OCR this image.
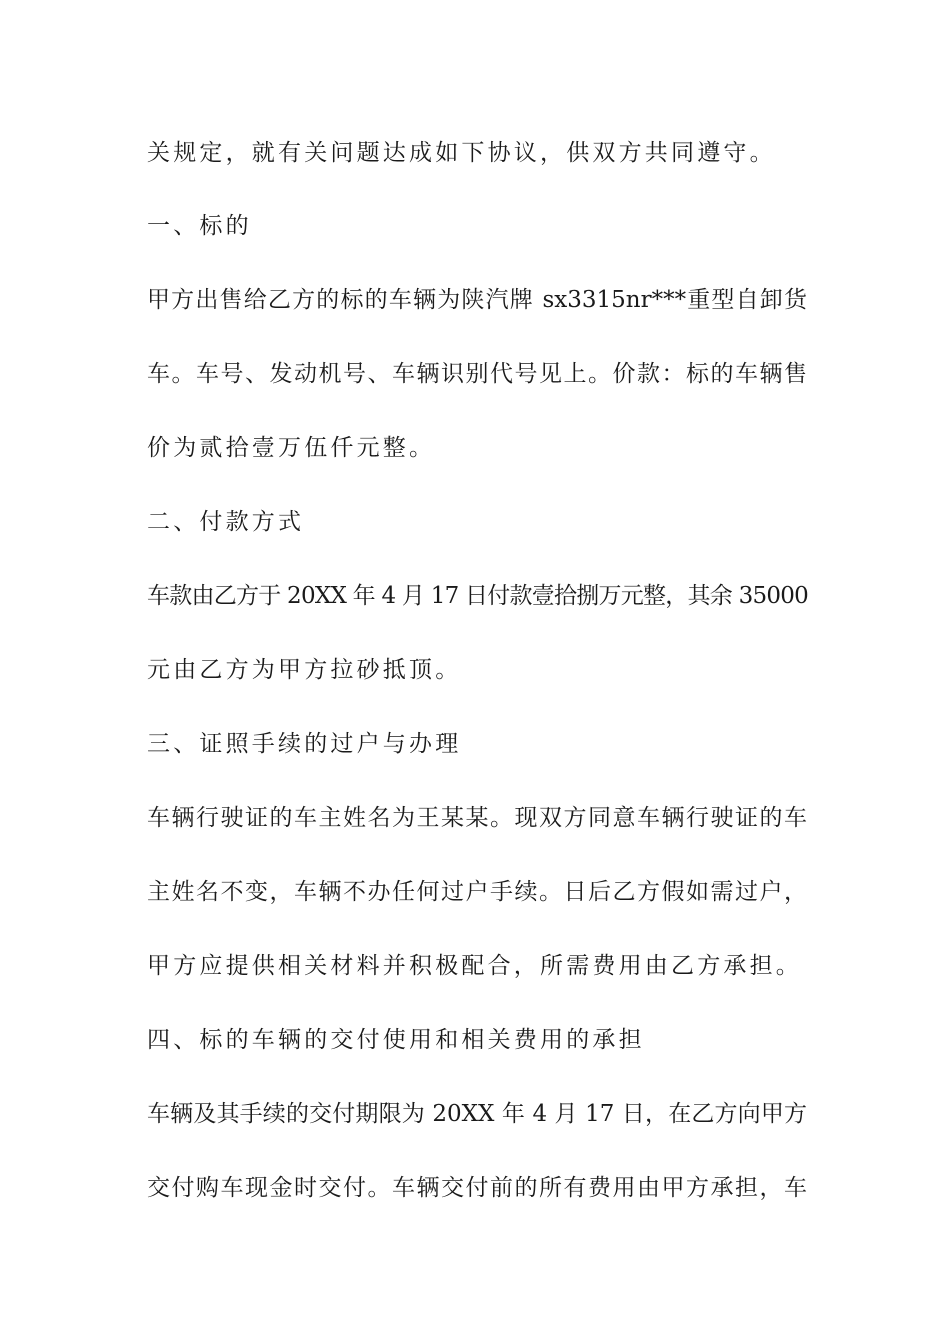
关规定，就有关问题达成如下协议，供双方共同遵守。
一、标的
甲方出售给乙方的标的车辆为陕汽牌 sx3315nr***重型自卸货
车。车号、发动机号、车辆识别代号见上。价款：标的车辆售
价为贰拾壹万伍仟元整。
二、付款方式
车款由乙方于 20XX 年 4 月 17 日付款壹拾捌万元整，其余 35000
元由乙方为甲方拉砂抵顶。
三、证照手续的过户与办理
车辆行驶证的车主姓名为王某某。现双方同意车辆行驶证的车
主姓名不变，车辆不办任何过户手续。日后乙方假如需过户，
甲方应提供相关材料并积极配合，所需费用由乙方承担。
四、标的车辆的交付使用和相关费用的承担
车辆及其手续的交付期限为 20XX 年 4 月 17 日，在乙方向甲方
交付购车现金时交付。车辆交付前的所有费用由甲方承担，车
